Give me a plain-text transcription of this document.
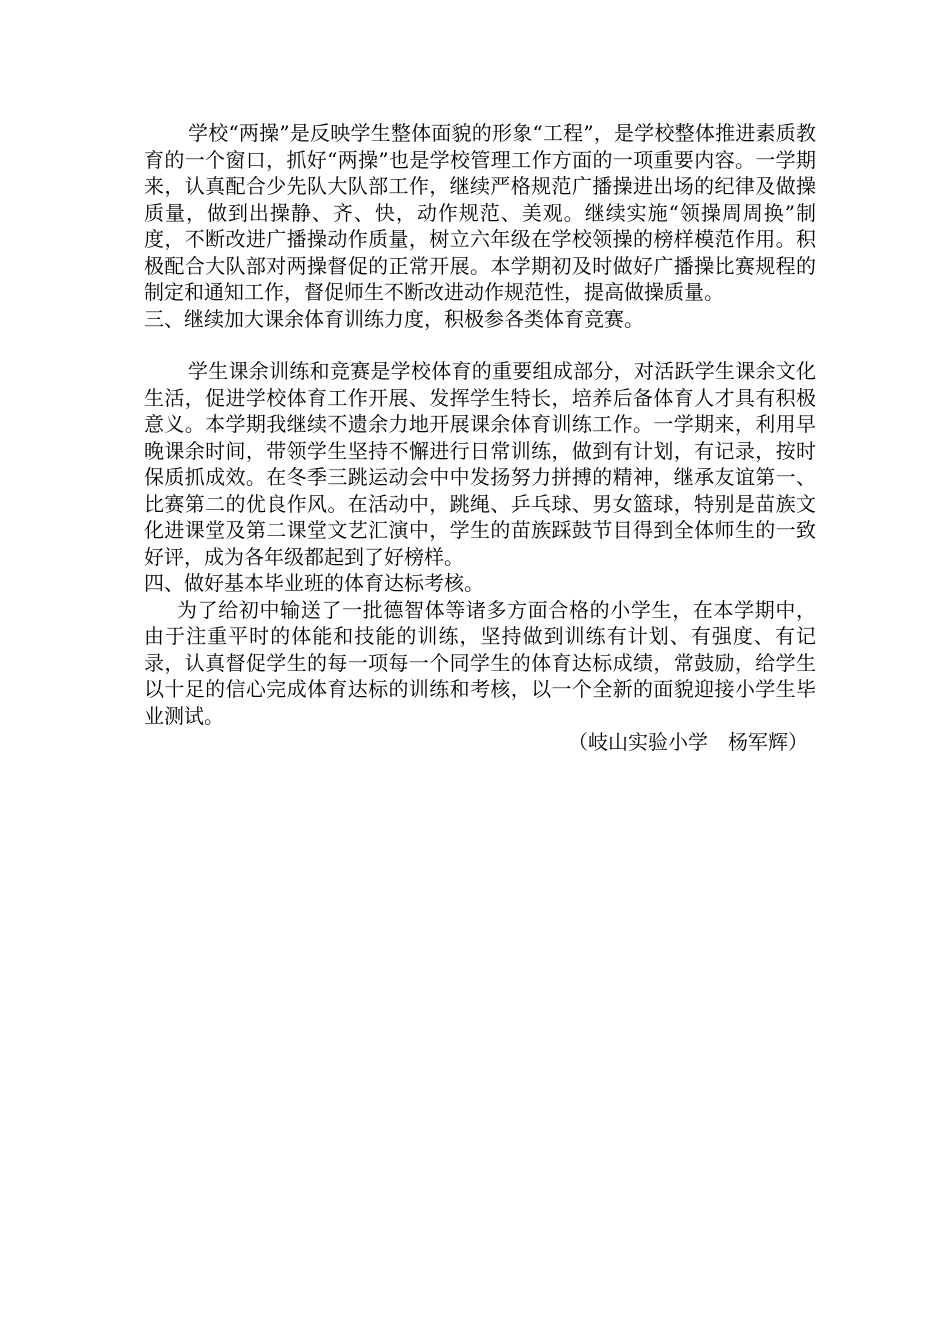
学校“两操”是反映学生整体面貌的形象“工程”，是学校整体推进素质教育的一个窗口，抓好“两操”也是学校管理工作方面的一项重要内容。一学期来，认真配合少先队大队部工作，继续严格规范广播操进出场的纪律及做操质量，做到出操静、齐、快，动作规范、美观。继续实施“领操周周换”制度，不断改进广播操动作质量，树立六年级在学校领操的榜样模范作用。积极配合大队部对两操督促的正常开展。本学期初及时做好广播操比赛规程的制定和通知工作，督促师生不断改进动作规范性，提高做操质量。

三、继续加大课余体育训练力度，积极参各类体育竞赛。

学生课余训练和竞赛是学校体育的重要组成部分，对活跃学生课余文化生活，促进学校体育工作开展、发挥学生特长，培养后备体育人才具有积极意义。本学期我继续不遗余力地开展课余体育训练工作。一学期来，利用早晚课余时间，带领学生坚持不懈进行日常训练，做到有计划，有记录，按时保质抓成效。在冬季三跳运动会中中发扬努力拼搏的精神，继承友谊第一、比赛第二的优良作风。在活动中，跳绳、乒乓球、男女篮球，特别是苗族文化进课堂及第二课堂文艺汇演中，学生的苗族踩鼓节目得到全体师生的一致好评，成为各年级都起到了好榜样。

四、做好基本毕业班的体育达标考核。

为了给初中输送了一批德智体等诸多方面合格的小学生，在本学期中，由于注重平时的体能和技能的训练，坚持做到训练有计划、有强度、有记录，认真督促学生的每一项每一个同学生的体育达标成绩，常鼓励，给学生以十足的信心完成体育达标的训练和考核，以一个全新的面貌迎接小学生毕业测试。

（岐山实验小学　杨军辉）
